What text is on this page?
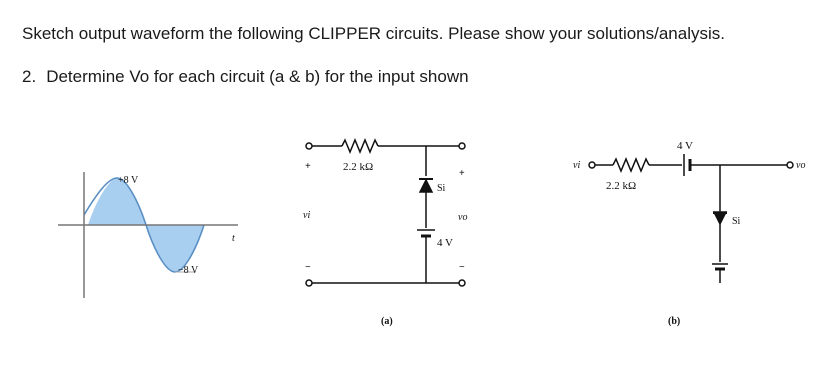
Sketch output waveform the following CLIPPER circuits. Please show your solutions/analysis.

2. Determine Vo for each circuit (a & b) for the input shown
+8 V
−8 V
t
2.2 kΩ
Si
4 V
+
vi
−
+
vo
−
(a)
vi
2.2 kΩ
4 V
Si
vo
(b)
